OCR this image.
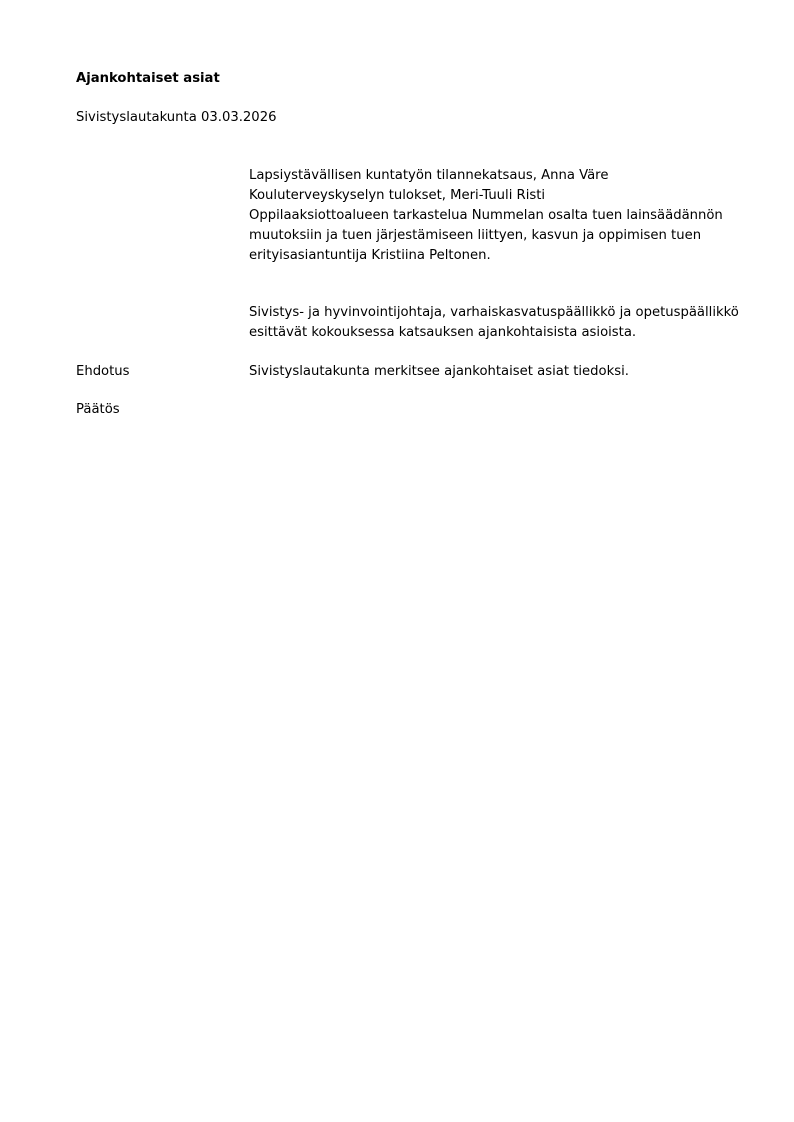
Ajankohtaiset asiat
Sivistyslautakunta 03.03.2026
Lapsiystävällisen kuntatyön tilannekatsaus, Anna Väre
Kouluterveyskyselyn tulokset, Meri-Tuuli Risti
Oppilaaksiottoalueen tarkastelua Nummelan osalta tuen lainsäädännön
muutoksiin ja tuen järjestämiseen liittyen, kasvun ja oppimisen tuen
erityisasiantuntija Kristiina Peltonen.
Sivistys- ja hyvinvointijohtaja, varhaiskasvatuspäällikkö ja opetuspäällikkö
esittävät kokouksessa katsauksen ajankohtaisista asioista.
Ehdotus	Sivistyslautakunta merkitsee ajankohtaiset asiat tiedoksi.
Päätös
